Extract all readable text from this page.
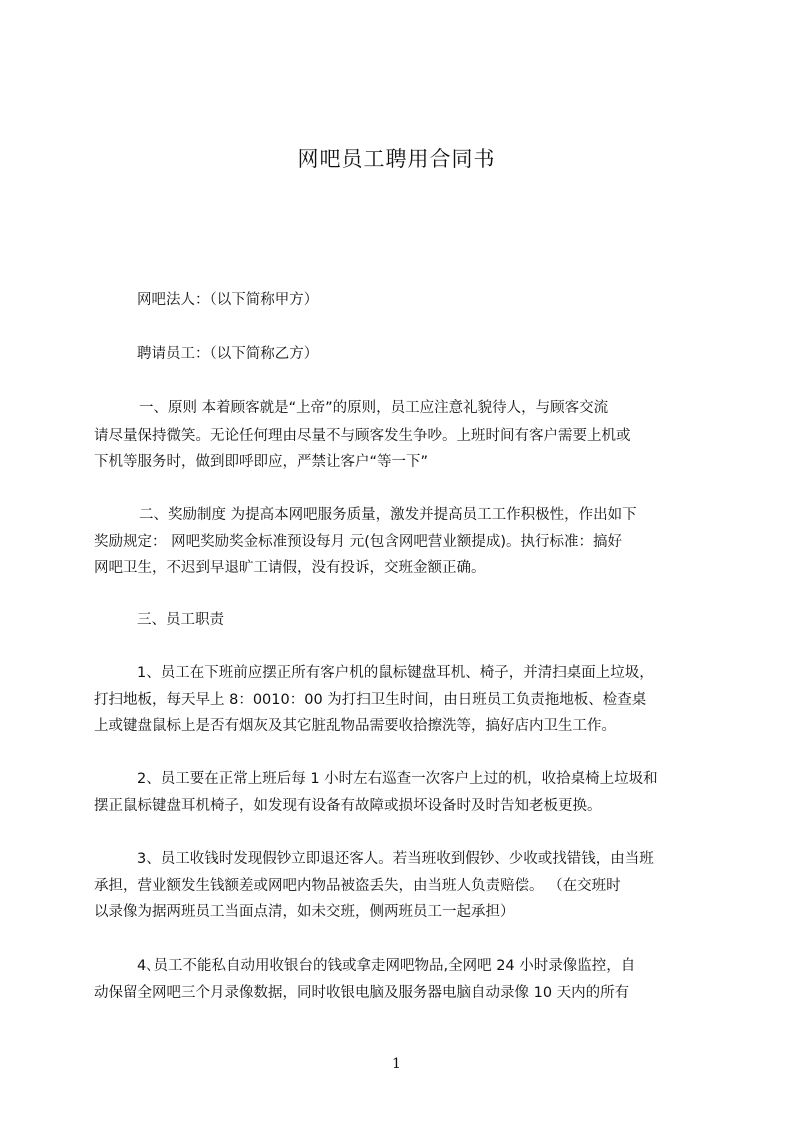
网吧员工聘用合同书
网吧法人：（以下简称甲方）
聘请员工：（以下简称乙方）
一、原则 本着顾客就是“上帝”的原则，员工应注意礼貌待人，与顾客交流
请尽量保持微笑。无论任何理由尽量不与顾客发生争吵。上班时间有客户需要上机或
下机等服务时，做到即呼即应，严禁让客户“等一下”
二、奖励制度 为提高本网吧服务质量，激发并提高员工工作积极性，作出如下
奖励规定： 网吧奖励奖金标准预设每月 元(包含网吧营业额提成)。执行标准：搞好
网吧卫生，不迟到早退旷工请假，没有投诉，交班金额正确。
三、员工职责
1、员工在下班前应摆正所有客户机的鼠标键盘耳机、椅子，并清扫桌面上垃圾，
打扫地板，每天早上 8：0010：00 为打扫卫生时间，由日班员工负责拖地板、检查桌
上或键盘鼠标上是否有烟灰及其它脏乱物品需要收拾擦洗等，搞好店内卫生工作。
2、员工要在正常上班后每 1 小时左右巡查一次客户上过的机，收拾桌椅上垃圾和
摆正鼠标键盘耳机椅子，如发现有设备有故障或损坏设备时及时告知老板更换。
3、员工收钱时发现假钞立即退还客人。若当班收到假钞、少收或找错钱，由当班
承担，营业额发生钱额差或网吧内物品被盗丢失，由当班人负责赔偿。 （在交班时
以录像为据两班员工当面点清，如未交班，侧两班员工一起承担）
4､员工不能私自动用收银台的钱或拿走网吧物品,全网吧 24 小时录像监控，自
动保留全网吧三个月录像数据，同时收银电脑及服务器电脑自动录像 10 天内的所有
1
